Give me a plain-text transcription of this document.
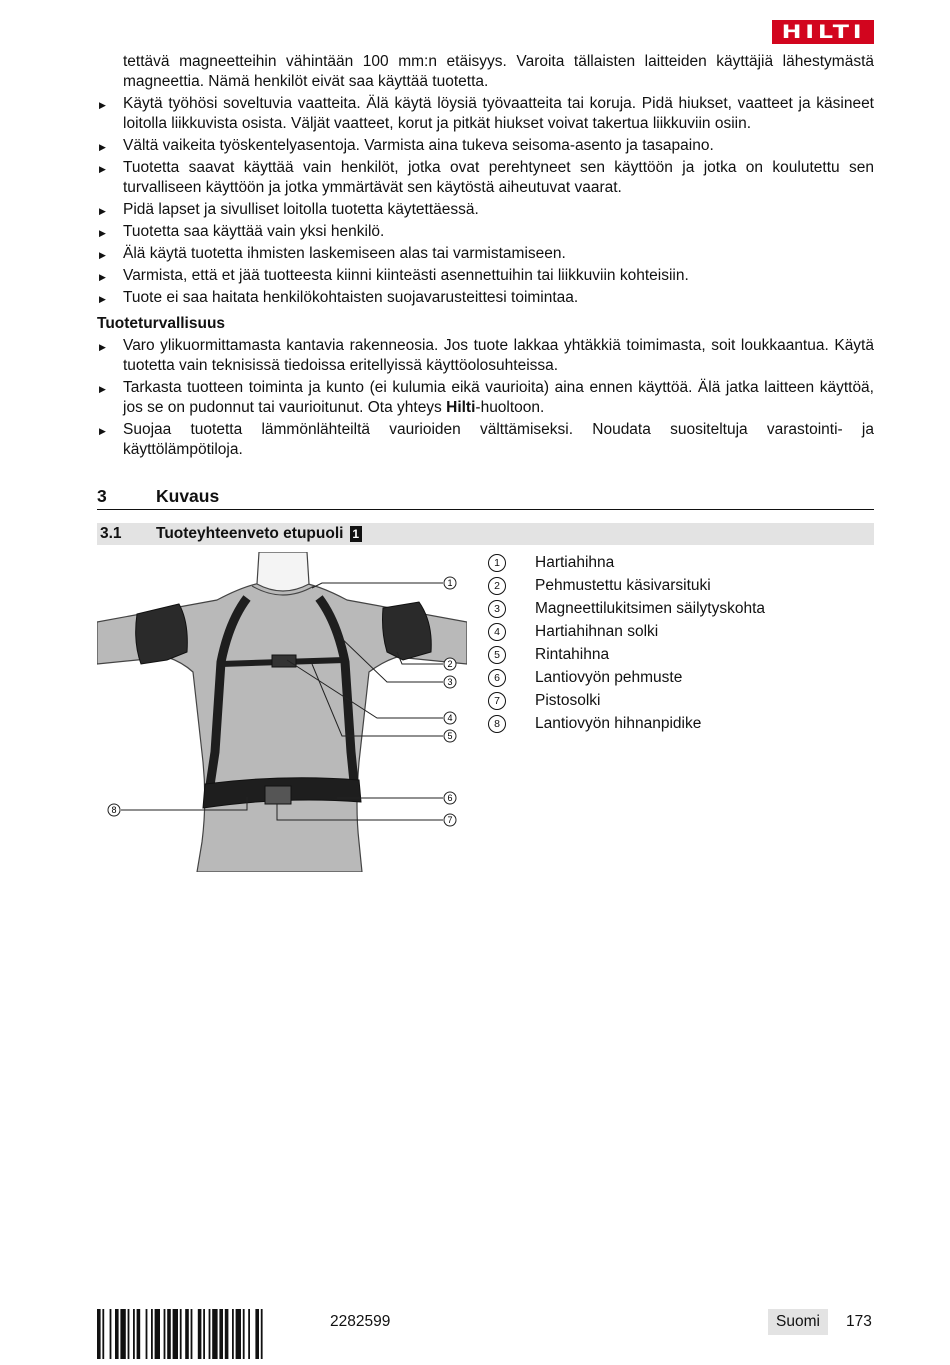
HILTI

tettävä magneetteihin vähintään 100 mm:n etäisyys. Varoita tällaisten laitteiden käyttäjiä lähestymästä magneettia. Nämä henkilöt eivät saa käyttää tuotetta.

▶ Käytä työhösi soveltuvia vaatteita. Älä käytä löysiä työvaatteita tai koruja. Pidä hiukset, vaatteet ja käsineet loitolla liikkuvista osista. Väljät vaatteet, korut ja pitkät hiukset voivat takertua liikkuviin osiin.
▶ Vältä vaikeita työskentelyasentoja. Varmista aina tukeva seisoma-asento ja tasapaino.
▶ Tuotetta saavat käyttää vain henkilöt, jotka ovat perehtyneet sen käyttöön ja jotka on koulutettu sen turvalliseen käyttöön ja jotka ymmärtävät sen käytöstä aiheutuvat vaarat.
▶ Pidä lapset ja sivulliset loitolla tuotetta käytettäessä.
▶ Tuotetta saa käyttää vain yksi henkilö.
▶ Älä käytä tuotetta ihmisten laskemiseen alas tai varmistamiseen.
▶ Varmista, että et jää tuotteesta kiinni kiinteästi asennettuihin tai liikkuviin kohteisiin.
▶ Tuote ei saa haitata henkilökohtaisten suojavarusteittesi toimintaa.
Tuoteturvallisuus
▶ Varo ylikuormittamasta kantavia rakenneosia. Jos tuote lakkaa yhtäkkiä toimimasta, soit loukkaantua. Käytä tuotetta vain teknisissä tiedoissa eritellyissä käyttöolosuhteissa.
▶ Tarkasta tuotteen toiminta ja kunto (ei kulumia eikä vaurioita) aina ennen käyttöä. Älä jatka laitteen käyttöä, jos se on pudonnut tai vaurioitunut. Ota yhteys Hilti-huoltoon.
▶ Suojaa tuotetta lämmönlähteiltä vaurioiden välttämiseksi. Noudata suositeltuja varastointi- ja käyttölämpötiloja.
3	Kuvaus
3.1 Tuoteyhteenveto etupuoli 1
1
2
3
4
5
6
7
8
1	Hartiahihna
2	Pehmustettu käsivarsituki
3	Magneettilukitsimen säilytyskohta
4	Hartiahihnan solki
5	Rintahihna
6	Lantiovyön pehmuste
7	Pistosolki
8	Lantiovyön hihnanpidike
2282599	Suomi	173
